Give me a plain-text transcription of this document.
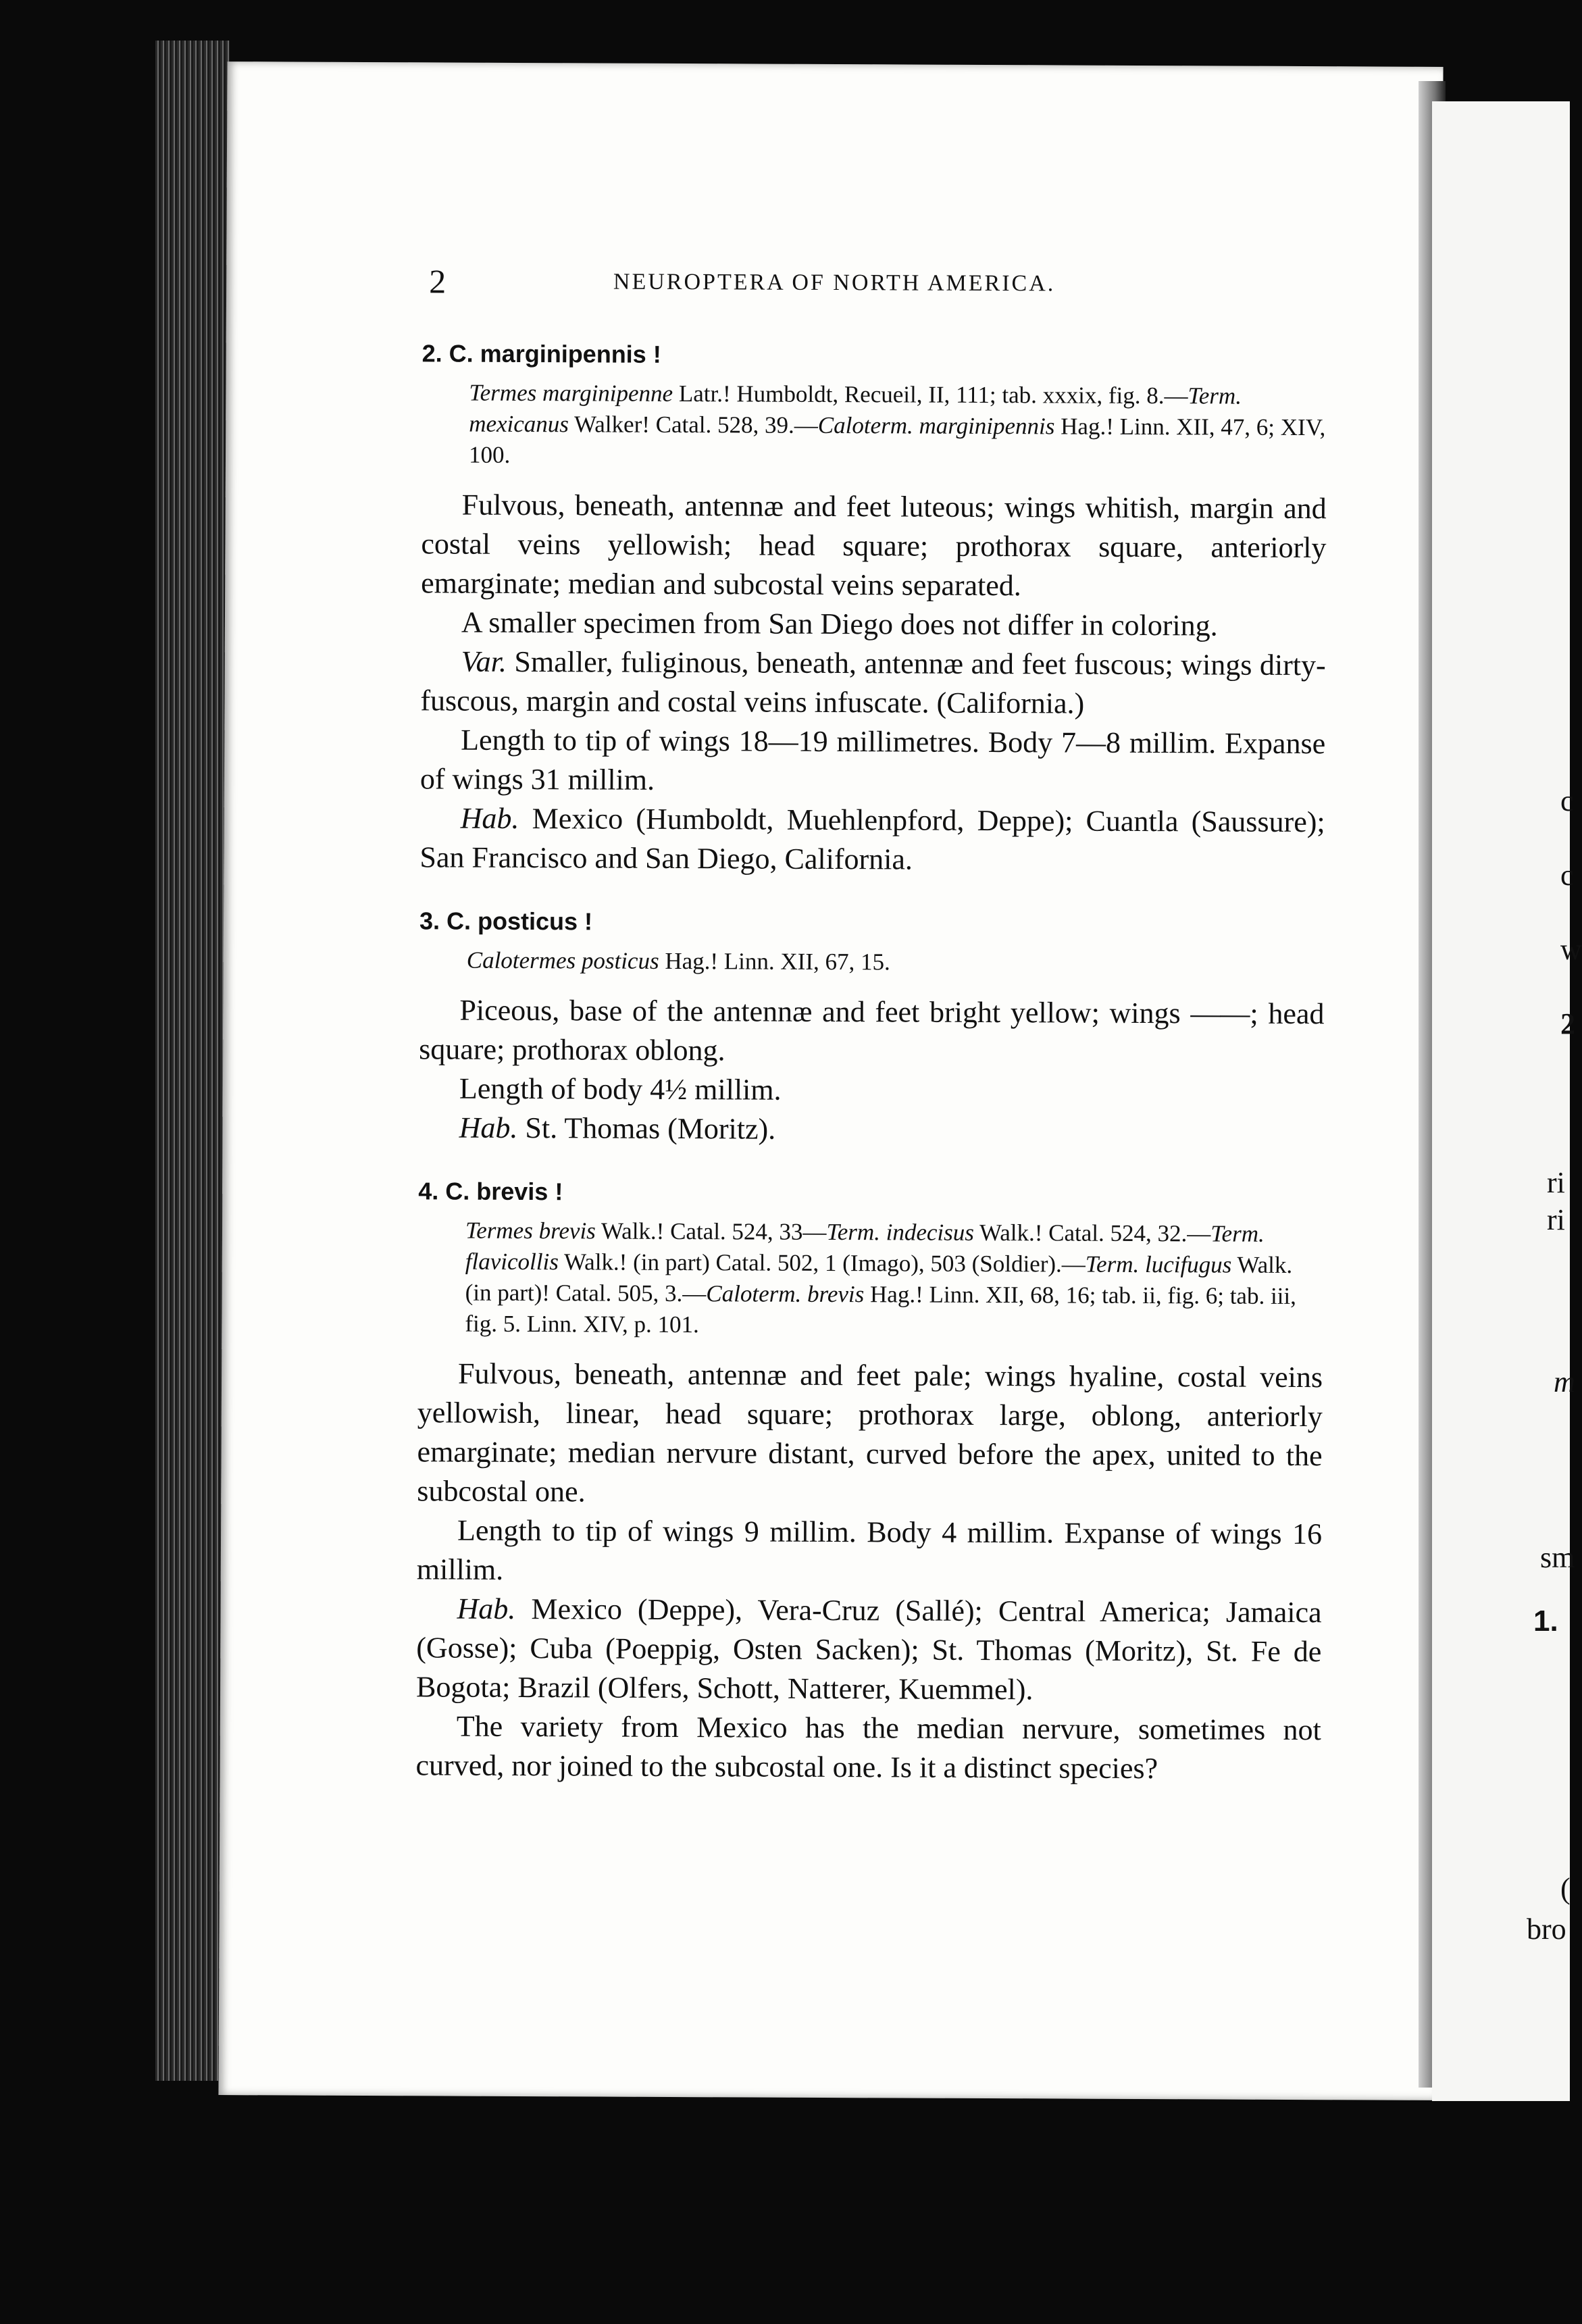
2	NEUROPTERA OF NORTH AMERICA.
2. C. marginipennis !
Termes marginipenne Latr.! Humboldt, Recueil, II, 111; tab. xxxix, fig. 8.—Term. mexicanus Walker! Catal. 528, 39.—Caloterm. marginipennis Hag.! Linn. XII, 47, 6; XIV, 100.

Fulvous, beneath, antennæ and feet luteous; wings whitish, margin and costal veins yellowish; head square; prothorax square, anteriorly emarginate; median and subcostal veins separated.

A smaller specimen from San Diego does not differ in coloring.

Var. Smaller, fuliginous, beneath, antennæ and feet fuscous; wings dirty-fuscous, margin and costal veins infuscate. (California.)

Length to tip of wings 18—19 millimetres. Body 7—8 millim. Expanse of wings 31 millim.

Hab. Mexico (Humboldt, Muehlenpford, Deppe); Cuantla (Saussure); San Francisco and San Diego, California.

3. C. posticus !
Calotermes posticus Hag.! Linn. XII, 67, 15.

Piceous, base of the antennæ and feet bright yellow; wings ——; head square; prothorax oblong.

Length of body 4½ millim.

Hab. St. Thomas (Moritz).

4. C. brevis !
Termes brevis Walk.! Catal. 524, 33—Term. indecisus Walk.! Catal. 524, 32.—Term. flavicollis Walk.! (in part) Catal. 502, 1 (Imago), 503 (Soldier).—Term. lucifugus Walk. (in part)! Catal. 505, 3.—Caloterm. brevis Hag.! Linn. XII, 68, 16; tab. ii, fig. 6; tab. iii, fig. 5. Linn. XIV, p. 101.

Fulvous, beneath, antennæ and feet pale; wings hyaline, costal veins yellowish, linear, head square; prothorax large, oblong, anteriorly emarginate; median nervure distant, curved before the apex, united to the subcostal one.

Length to tip of wings 9 millim. Body 4 millim. Expanse of wings 16 millim.

Hab. Mexico (Deppe), Vera-Cruz (Sallé); Central America; Jamaica (Gosse); Cuba (Poeppig, Osten Sacken); St. Thomas (Moritz), St. Fe de Bogota; Brazil (Olfers, Schott, Natterer, Kuemmel).

The variety from Mexico has the median nervure, sometimes not curved, nor joined to the subcostal one. Is it a distinct species?

c
c
w
2
ri
ri
m
sm
1.
(
bro
